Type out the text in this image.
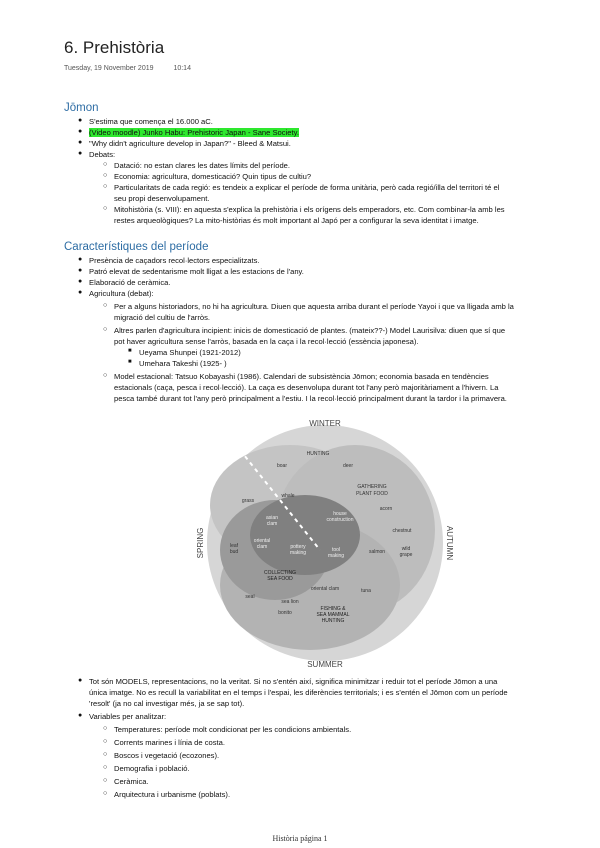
6. Prehistòria
Tuesday, 19 November 2019	10:14
Jōmon
● S'estima que comença el 16.000 aC.
● (Video moodle) Junko Habu: Prehistoric Japan - Sane Society.
● "Why didn't agriculture develop in Japan?" - Bleed & Matsui.
● Debats:
○ Datació: no estan clares les dates límits del període.
○ Economia: agricultura, domesticació? Quin tipus de cultiu?
○ Particularitats de cada regió: es tendeix a explicar el període de forma unitària, però cada regió/illa del territori té el
seu propi desenvolupament.
○ Mitohistòria (s. VIII): en aquesta s'explica la prehistòria i els orígens dels emperadors, etc. Com combinar-la amb les
restes arqueològiques? La mito-històrias és molt important al Japó per a configurar la seva identitat i imatge.
Característiques del període
● Presència de caçadors recol·lectors especialitzats.
● Patró elevat de sedentarisme molt lligat a les estacions de l'any.
● Elaboració de ceràmica.
● Agricultura (debat):
○ Per a alguns historiadors, no hi ha agricultura. Diuen que aquesta arriba durant el període Yayoi i que va lligada amb la
migració del cultiu de l'arròs.
○ Altres parlen d'agricultura incipient: inicis de domesticació de plantes. (mateix??-) Model Laurisilva: diuen que sí que
pot haver agricultura sense l'arròs, basada en la caça i la recol·lecció (essència japonesa).
■ Ueyama Shunpei (1921-2012)
■ Umehara Takeshi (1925- )
○ Model estacional: Tatsuo Kobayashi (1986). Calendari de subsistència Jōmon; economia basada en tendències
estacionals (caça, pesca i recol·lecció). La caça es desenvolupa durant tot l'any però majoritàriament a l'hivern. La
pesca també durant tot l'any però principalment a l'estiu. I la recol·lecció principalment durant la tardor i la primavera.
WINTER
SUMMER
SPRING	AUTUMN
HUNTING
boar	deer
GATHERING
PLANT FOOD
acorn
chestnut
grass
whale
asian
clam
house
construction
oriental
clam	pottery
making	tool
making
salmon	wild
grape
leaf
bud
COLLECTING
SEA FOOD
oriental clam	tuna
seal
sea lion
bonito
FISHING &
SEA MAMMAL
HUNTING
● Tot són MODELS, representacions, no la veritat. Si no s'entén així, significa minimitzar i reduir tot el període Jōmon a una
única imatge. No es recull la variabilitat en el temps i l'espai, les diferències territorials; i es s'entén el Jōmon com un període
'resolt' (ja no cal investigar més, ja se sap tot).
● Variables per analitzar:
○ Temperatures: període molt condicionat per les condicions ambientals.
○ Corrents marines i línia de costa.
○ Boscos i vegetació (ecozones).
○ Demografia i població.
○ Ceràmica.
○ Arquitectura i urbanisme (poblats).
Història página 1
